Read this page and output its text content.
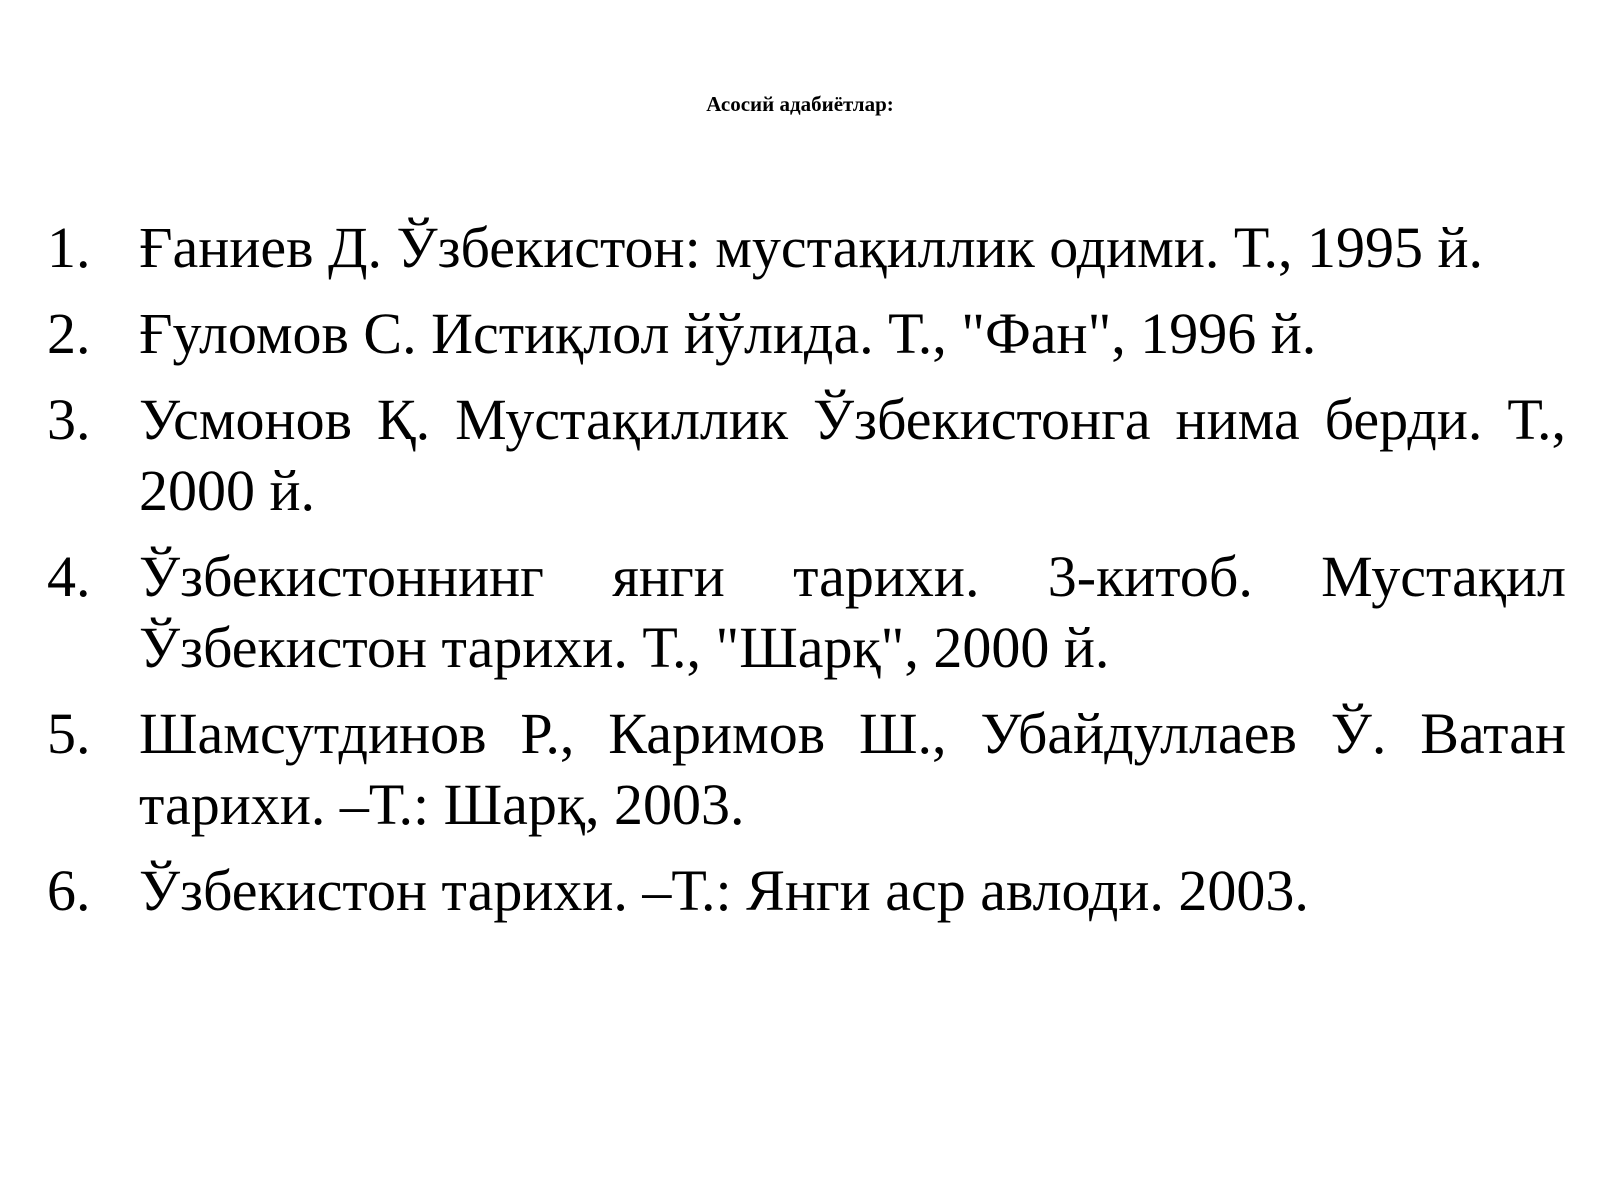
Асосий адабиётлар:
1. Ғаниев Д. Ўзбекистон: мустақиллик одими. Т., 1995 й.
2. Ғуломов С. Истиқлол йўлида. Т., "Фан", 1996 й.
3. Усмонов Қ. Мустақиллик Ўзбекистонга нима берди. Т., 2000 й.
4. Ўзбекистоннинг янги тарихи. 3-китоб. Мустақил Ўзбекистон тарихи. Т., "Шарқ", 2000 й.
5. Шамсутдинов Р., Каримов Ш., Убайдуллаев Ў. Ватан тарихи. –Т.: Шарқ, 2003.
6. Ўзбекистон тарихи. –Т.: Янги аср авлоди. 2003.
